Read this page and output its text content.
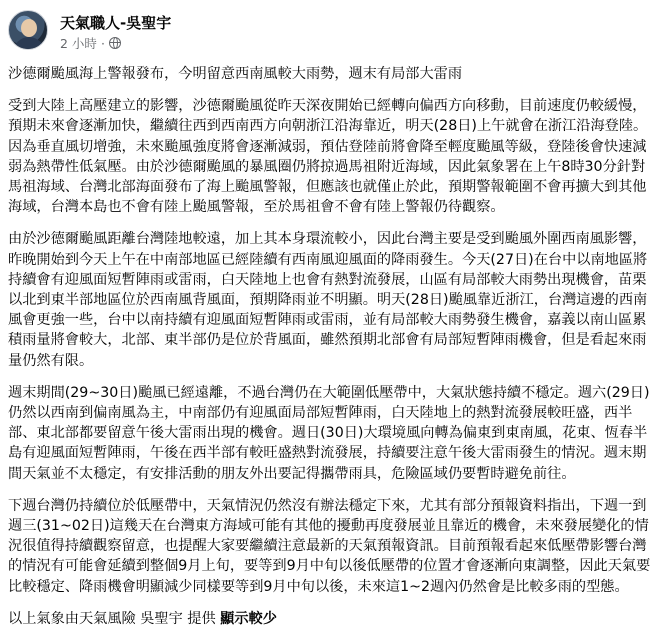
天氣職人-吳聖宇
2 小時 ·

沙德爾颱風海上警報發布，今明留意西南風較大雨勢，週末有局部大雷雨

受到大陸上高壓建立的影響，沙德爾颱風從昨天深夜開始已經轉向偏西方向移動，目前速度仍較緩慢，預期未來會逐漸加快，繼續往西到西南西方向朝浙江沿海靠近，明天(28日)上午就會在浙江沿海登陸。因為垂直風切增強，未來颱風強度將會逐漸減弱，預估登陸前將會降至輕度颱風等級，登陸後會快速減弱為熱帶性低氣壓。由於沙德爾颱風的暴風圈仍將掠過馬祖附近海域，因此氣象署在上午8時30分針對馬祖海域、台灣北部海面發布了海上颱風警報，但應該也就僅止於此，預期警報範圍不會再擴大到其他海域，台灣本島也不會有陸上颱風警報，至於馬祖會不會有陸上警報仍待觀察。

由於沙德爾颱風距離台灣陸地較遠，加上其本身環流較小，因此台灣主要是受到颱風外圍西南風影響，昨晚開始到今天上午在中南部地區已經陸續有西南風迎風面的降雨發生。今天(27日)在台中以南地區將持續會有迎風面短暫陣雨或雷雨，白天陸地上也會有熱對流發展，山區有局部較大雨勢出現機會，苗栗以北到東半部地區位於西南風背風面，預期降雨並不明顯。明天(28日)颱風靠近浙江，台灣這邊的西南風會更強一些，台中以南持續有迎風面短暫陣雨或雷雨，並有局部較大雨勢發生機會，嘉義以南山區累積雨量將會較大，北部、東半部仍是位於背風面，雖然預期北部會有局部短暫陣雨機會，但是看起來雨量仍然有限。

週末期間(29~30日)颱風已經遠離，不過台灣仍在大範圍低壓帶中，大氣狀態持續不穩定。週六(29日)仍然以西南到偏南風為主，中南部仍有迎風面局部短暫陣雨，白天陸地上的熱對流發展較旺盛，西半部、東北部都要留意午後大雷雨出現的機會。週日(30日)大環境風向轉為偏東到東南風，花東、恆春半島有迎風面短暫陣雨，午後在西半部有較旺盛熱對流發展，持續要注意午後大雷雨發生的情況。週末期間天氣並不太穩定，有安排活動的朋友外出要記得攜帶雨具，危險區域仍要暫時避免前往。

下週台灣仍持續位於低壓帶中，天氣情況仍然沒有辦法穩定下來，尤其有部分預報資料指出，下週一到週三(31~02日)這幾天在台灣東方海域可能有其他的擾動再度發展並且靠近的機會，未來發展變化的情況很值得持續觀察留意，也提醒大家要繼續注意最新的天氣預報資訊。目前預報看起來低壓帶影響台灣的情況有可能會延續到整個9月上旬，要等到9月中旬以後低壓帶的位置才會逐漸向東調整，因此天氣要比較穩定、降雨機會明顯減少同樣要等到9月中旬以後，未來這1~2週內仍然會是比較多雨的型態。

以上氣象由天氣風險 吳聖宇 提供 顯示較少
